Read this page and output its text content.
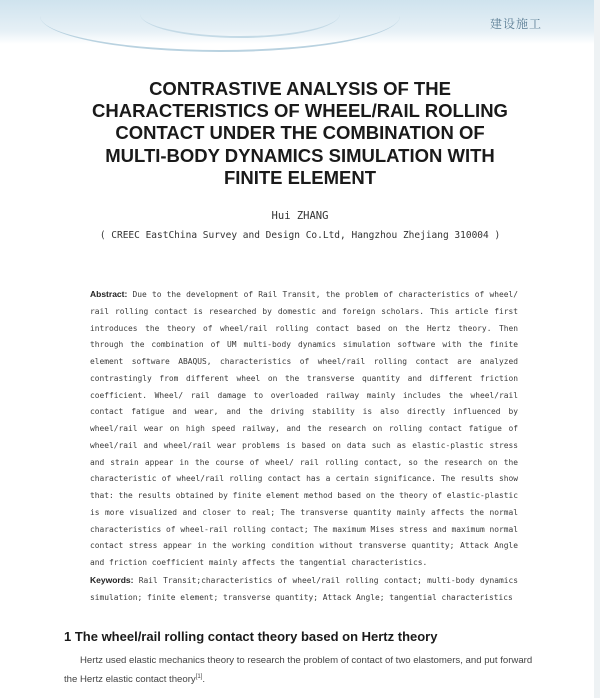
建设施工
CONTRASTIVE ANALYSIS OF THE
CHARACTERISTICS OF WHEEL/RAIL ROLLING
CONTACT UNDER THE COMBINATION OF
MULTI-BODY DYNAMICS SIMULATION WITH
FINITE ELEMENT
Hui ZHANG
( CREEC EastChina Survey and Design Co.Ltd, Hangzhou Zhejiang 310004 )
Abstract: Due to the development of Rail Transit, the problem of characteristics of wheel/ rail rolling contact is researched by domestic and foreign scholars. This article first introduces the theory of wheel/rail rolling contact based on the Hertz theory. Then through the combination of UM multi-body dynamics simulation software with the finite element software ABAQUS, characteristics of wheel/rail rolling contact are analyzed contrastingly from different wheel on the transverse quantity and different friction coefficient. Wheel/ rail damage to overloaded railway mainly includes the wheel/rail contact fatigue and wear, and the driving stability is also directly influenced by wheel/rail wear on high speed railway, and the research on rolling contact fatigue of wheel/rail and wheel/rail wear problems is based on data such as elastic-plastic stress and strain appear in the course of wheel/ rail rolling contact, so the research on the characteristic of wheel/rail rolling contact has a certain significance. The results show that: the results obtained by finite element method based on the theory of elastic-plastic is more visualized and closer to real; The transverse quantity mainly affects the normal characteristics of wheel-rail rolling contact; The maximum Mises stress and maximum normal contact stress appear in the working condition without transverse quantity; Attack Angle and friction coefficient mainly affects the tangential characteristics.
Keywords: Rail Transit;characteristics of wheel/rail rolling contact; multi-body dynamics simulation; finite element; transverse quantity; Attack Angle; tangential characteristics
1 The wheel/rail rolling contact theory based on Hertz theory
Hertz used elastic mechanics theory to research the problem of contact of two elastomers, and put forward the Hertz elastic contact theory[1].
